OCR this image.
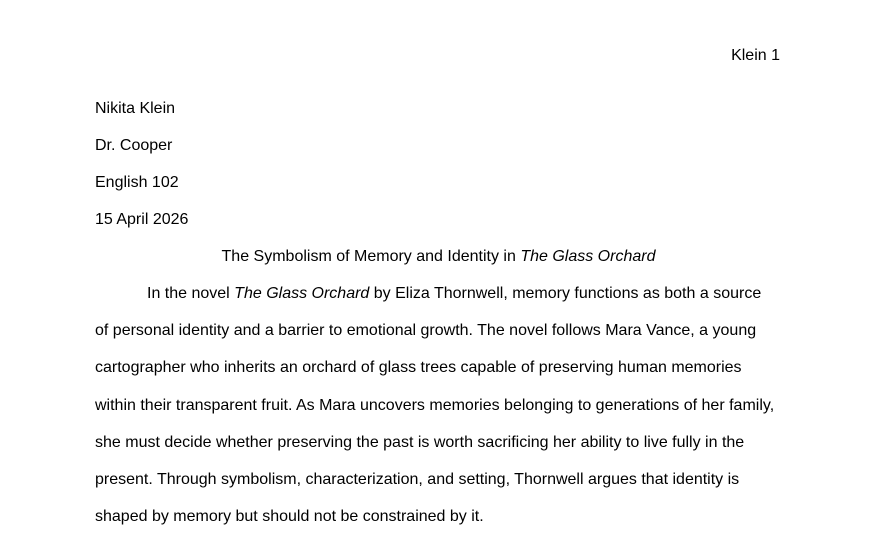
Klein 1
Nikita Klein
Dr. Cooper
English 102
15 April 2026
The Symbolism of Memory and Identity in The Glass Orchard
In the novel The Glass Orchard by Eliza Thornwell, memory functions as both a source
of personal identity and a barrier to emotional growth. The novel follows Mara Vance, a young
cartographer who inherits an orchard of glass trees capable of preserving human memories
within their transparent fruit. As Mara uncovers memories belonging to generations of her family,
she must decide whether preserving the past is worth sacrificing her ability to live fully in the
present. Through symbolism, characterization, and setting, Thornwell argues that identity is
shaped by memory but should not be constrained by it.
